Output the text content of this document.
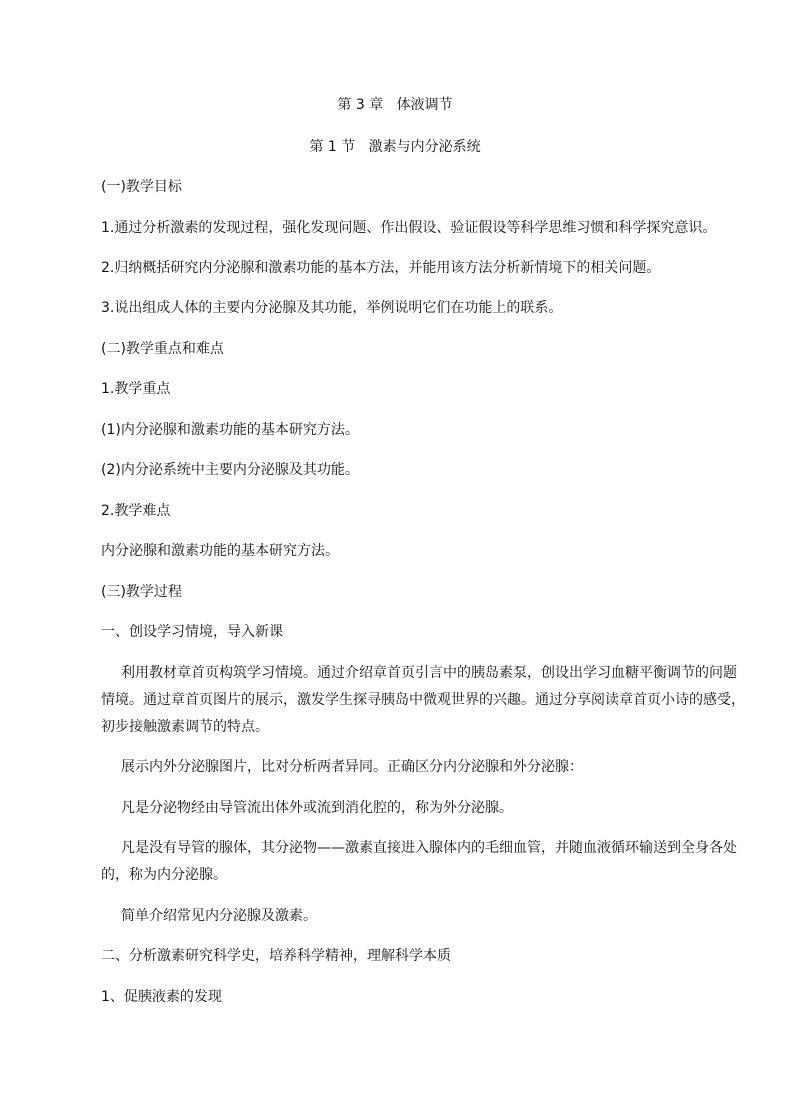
第 3 章   体液调节
第 1 节   激素与内分泌系统
(一)教学目标
1.通过分析激素的发现过程，强化发现问题、作出假设、验证假设等科学思维习惯和科学探究意识。
2.归纳概括研究内分泌腺和激素功能的基本方法，并能用该方法分析新情境下的相关问题。
3.说出组成人体的主要内分泌腺及其功能，举例说明它们在功能上的联系。
(二)教学重点和难点
1.教学重点
(1)内分泌腺和激素功能的基本研究方法。
(2)内分泌系统中主要内分泌腺及其功能。
2.教学难点
内分泌腺和激素功能的基本研究方法。
(三)教学过程
一、创设学习情境，导入新课
利用教材章首页构筑学习情境。通过介绍章首页引言中的胰岛素泵，创设出学习血糖平衡调节的问题
情境。通过章首页图片的展示，激发学生探寻胰岛中微观世界的兴趣。通过分享阅读章首页小诗的感受，
初步接触激素调节的特点。
展示内外分泌腺图片，比对分析两者异同。正确区分内分泌腺和外分泌腺：
凡是分泌物经由导管流出体外或流到消化腔的，称为外分泌腺。
凡是没有导管的腺体，其分泌物——激素直接进入腺体内的毛细血管，并随血液循环输送到全身各处
的，称为内分泌腺。
简单介绍常见内分泌腺及激素。
二、分析激素研究科学史，培养科学精神，理解科学本质
1、促胰液素的发现
